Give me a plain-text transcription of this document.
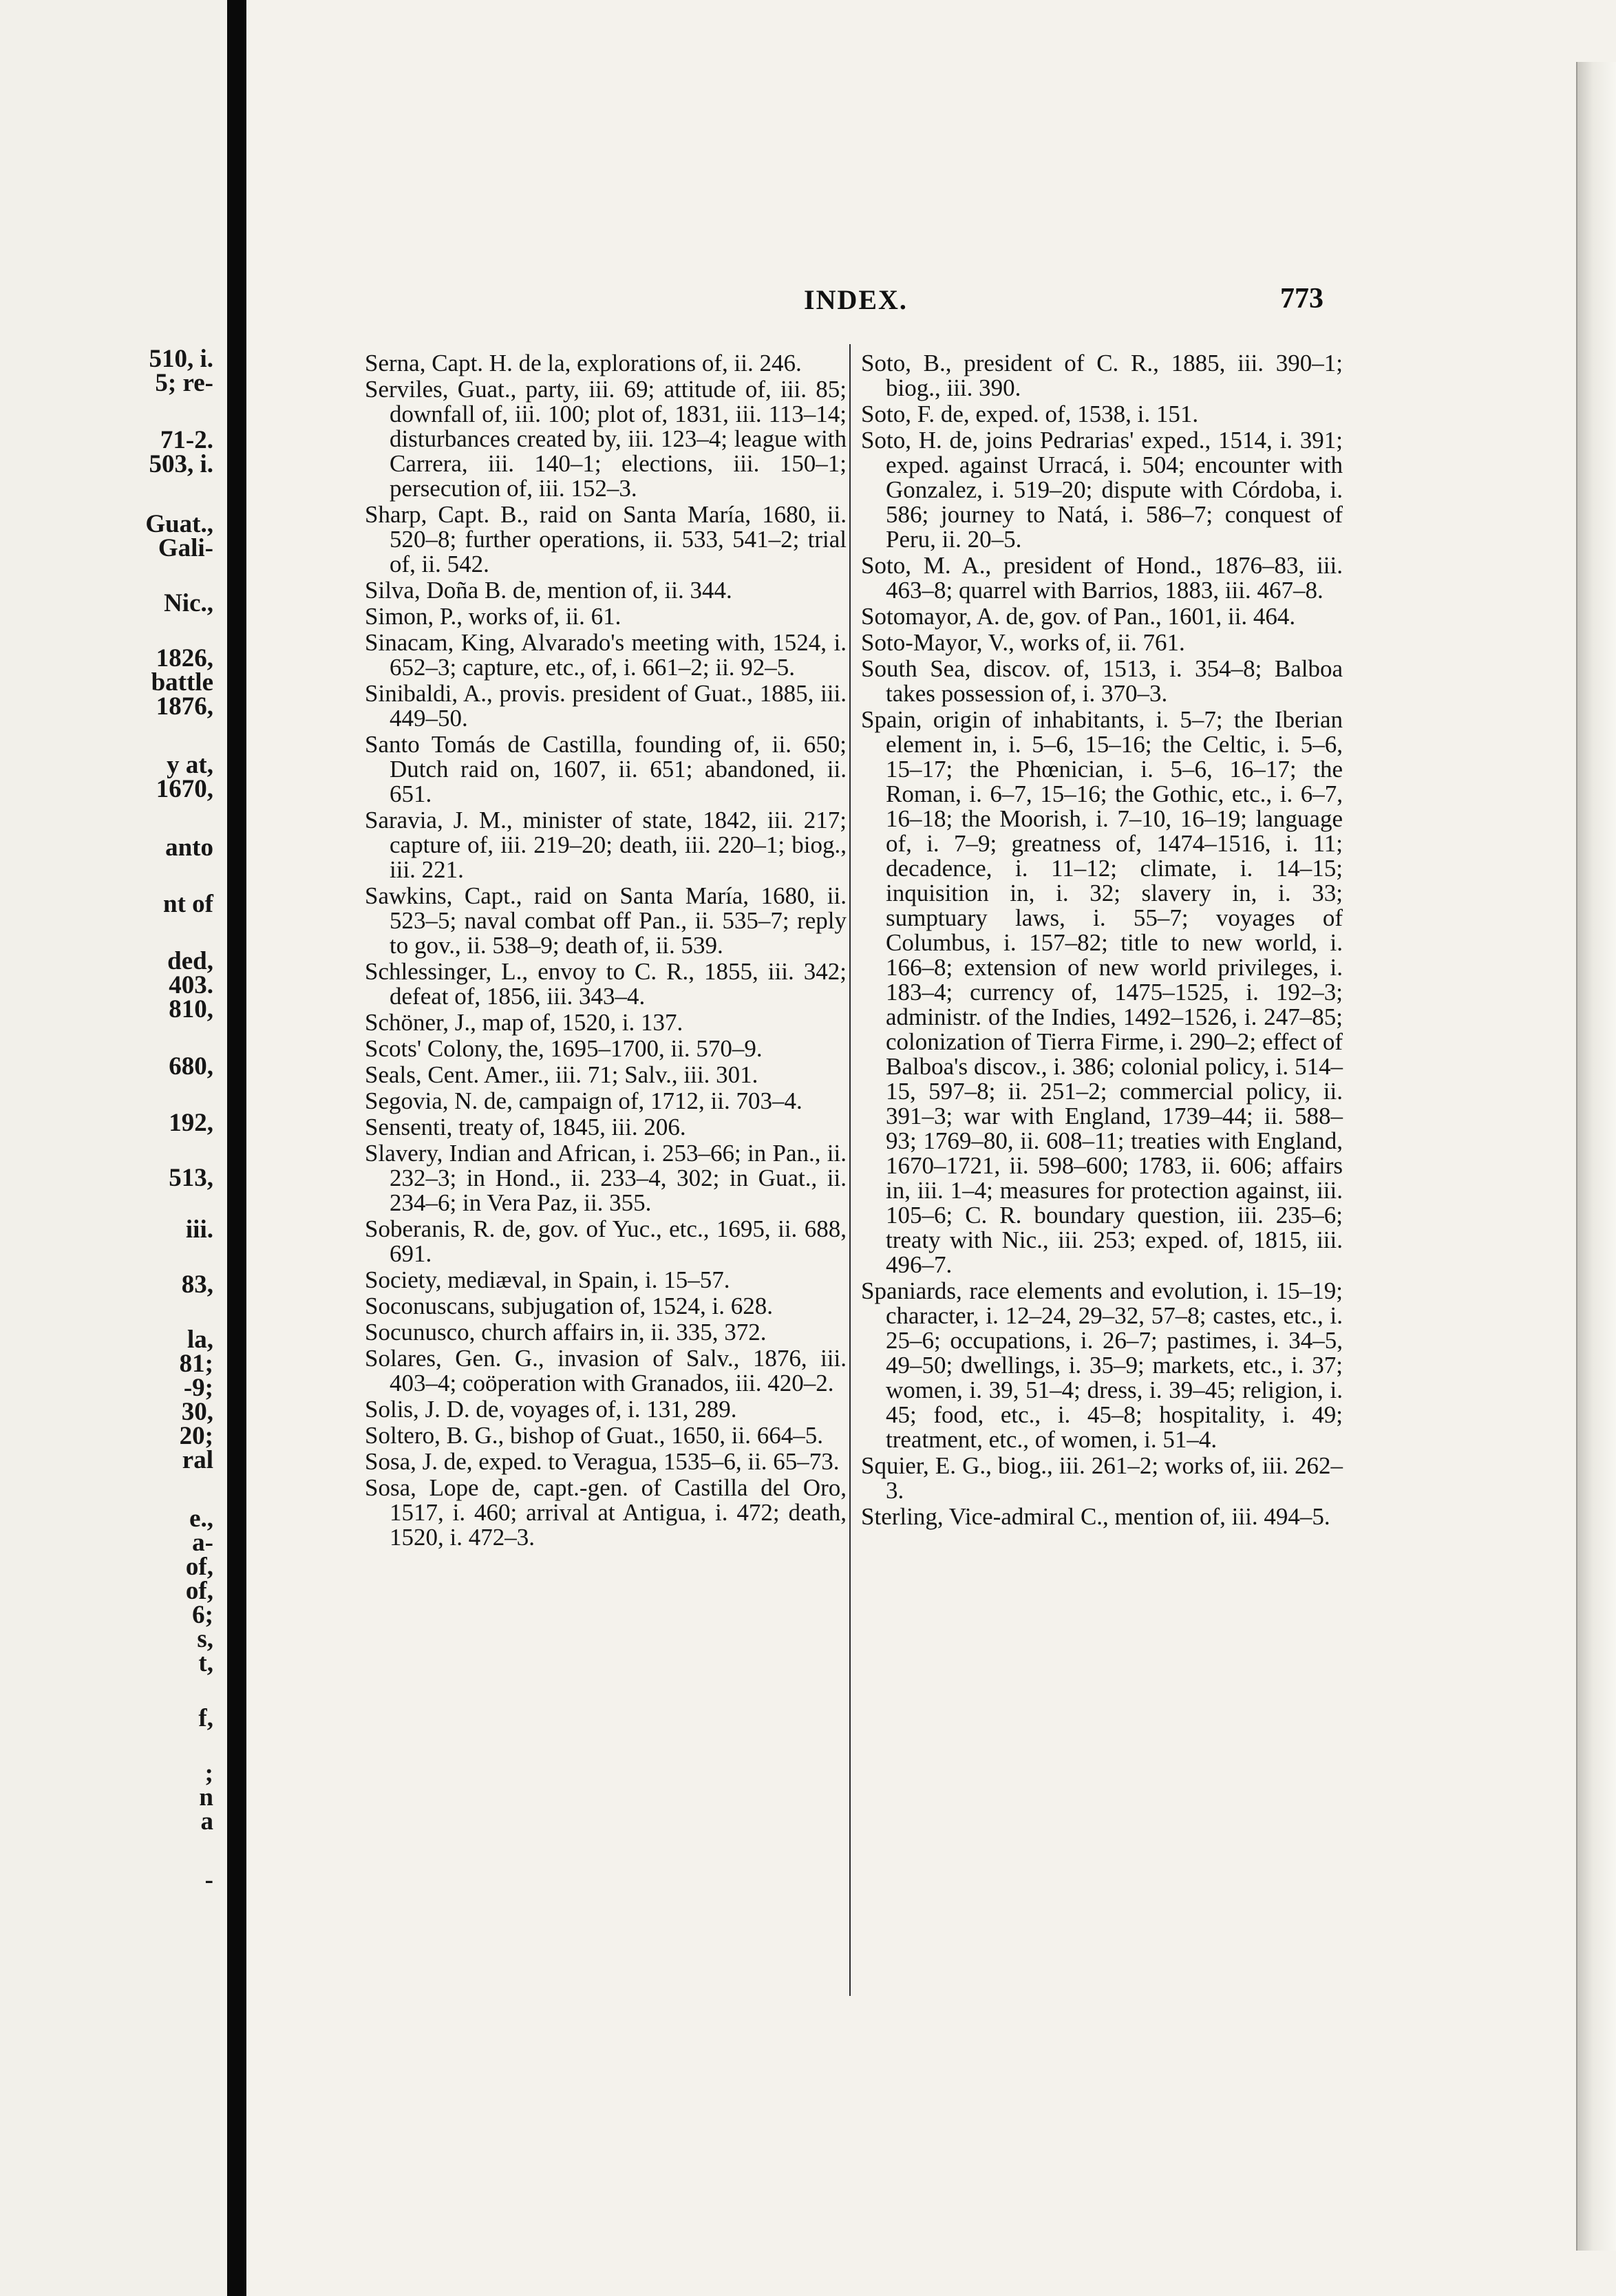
510, i.
5; re-
71-2.
503, i.
Guat.,
Gali-
Nic.,
1826,
battle
1876,
y at,
1670,
anto
nt of
ded,
403.
810,
680,
192,
513,
iii.
83,
la,
81;
-9;
30,
20;
ral
e.,
a-
of,
of,
6;
s,
t,
f,
;
n
a
-
INDEX.	773

Serna, Capt. H. de la, explorations of, ii. 246.

Serviles, Guat., party, iii. 69; attitude of, iii. 85; downfall of, iii. 100; plot of, 1831, iii. 113–14; disturbances created by, iii. 123–4; league with Carrera, iii. 140–1; elections, iii. 150–1; persecution of, iii. 152–3.

Sharp, Capt. B., raid on Santa María, 1680, ii. 520–8; further operations, ii. 533, 541–2; trial of, ii. 542.

Silva, Doña B. de, mention of, ii. 344.

Simon, P., works of, ii. 61.

Sinacam, King, Alvarado's meeting with, 1524, i. 652–3; capture, etc., of, i. 661–2; ii. 92–5.

Sinibaldi, A., provis. president of Guat., 1885, iii. 449–50.

Santo Tomás de Castilla, founding of, ii. 650; Dutch raid on, 1607, ii. 651; abandoned, ii. 651.

Saravia, J. M., minister of state, 1842, iii. 217; capture of, iii. 219–20; death, iii. 220–1; biog., iii. 221.

Sawkins, Capt., raid on Santa María, 1680, ii. 523–5; naval combat off Pan., ii. 535–7; reply to gov., ii. 538–9; death of, ii. 539.

Schlessinger, L., envoy to C. R., 1855, iii. 342; defeat of, 1856, iii. 343–4.

Schöner, J., map of, 1520, i. 137.

Scots' Colony, the, 1695–1700, ii. 570–9.

Seals, Cent. Amer., iii. 71; Salv., iii. 301.

Segovia, N. de, campaign of, 1712, ii. 703–4.

Sensenti, treaty of, 1845, iii. 206.

Slavery, Indian and African, i. 253–66; in Pan., ii. 232–3; in Hond., ii. 233–4, 302; in Guat., ii. 234–6; in Vera Paz, ii. 355.

Soberanis, R. de, gov. of Yuc., etc., 1695, ii. 688, 691.

Society, mediæval, in Spain, i. 15–57.

Soconuscans, subjugation of, 1524, i. 628.

Socunusco, church affairs in, ii. 335, 372.

Solares, Gen. G., invasion of Salv., 1876, iii. 403–4; coöperation with Granados, iii. 420–2.

Solis, J. D. de, voyages of, i. 131, 289.

Soltero, B. G., bishop of Guat., 1650, ii. 664–5.

Sosa, J. de, exped. to Veragua, 1535–6, ii. 65–73.

Sosa, Lope de, capt.-gen. of Castilla del Oro, 1517, i. 460; arrival at Antigua, i. 472; death, 1520, i. 472–3.

Soto, B., president of C. R., 1885, iii. 390–1; biog., iii. 390.

Soto, F. de, exped. of, 1538, i. 151.

Soto, H. de, joins Pedrarias' exped., 1514, i. 391; exped. against Urracá, i. 504; encounter with Gonzalez, i. 519–20; dispute with Córdoba, i. 586; journey to Natá, i. 586–7; conquest of Peru, ii. 20–5.

Soto, M. A., president of Hond., 1876–83, iii. 463–8; quarrel with Barrios, 1883, iii. 467–8.

Sotomayor, A. de, gov. of Pan., 1601, ii. 464.

Soto-Mayor, V., works of, ii. 761.

South Sea, discov. of, 1513, i. 354–8; Balboa takes possession of, i. 370–3.

Spain, origin of inhabitants, i. 5–7; the Iberian element in, i. 5–6, 15–16; the Celtic, i. 5–6, 15–17; the Phœnician, i. 5–6, 16–17; the Roman, i. 6–7, 15–16; the Gothic, etc., i. 6–7, 16–18; the Moorish, i. 7–10, 16–19; language of, i. 7–9; greatness of, 1474–1516, i. 11; decadence, i. 11–12; climate, i. 14–15; inquisition in, i. 32; slavery in, i. 33; sumptuary laws, i. 55–7; voyages of Columbus, i. 157–82; title to new world, i. 166–8; extension of new world privileges, i. 183–4; currency of, 1475–1525, i. 192–3; administr. of the Indies, 1492–1526, i. 247–85; colonization of Tierra Firme, i. 290–2; effect of Balboa's discov., i. 386; colonial policy, i. 514–15, 597–8; ii. 251–2; commercial policy, ii. 391–3; war with England, 1739–44; ii. 588–93; 1769–80, ii. 608–11; treaties with England, 1670–1721, ii. 598–600; 1783, ii. 606; affairs in, iii. 1–4; measures for protection against, iii. 105–6; C. R. boundary question, iii. 235–6; treaty with Nic., iii. 253; exped. of, 1815, iii. 496–7.

Spaniards, race elements and evolution, i. 15–19; character, i. 12–24, 29–32, 57–8; castes, etc., i. 25–6; occupations, i. 26–7; pastimes, i. 34–5, 49–50; dwellings, i. 35–9; markets, etc., i. 37; women, i. 39, 51–4; dress, i. 39–45; religion, i. 45; food, etc., i. 45–8; hospitality, i. 49; treatment, etc., of women, i. 51–4.

Squier, E. G., biog., iii. 261–2; works of, iii. 262–3.

Sterling, Vice-admiral C., mention of, iii. 494–5.
